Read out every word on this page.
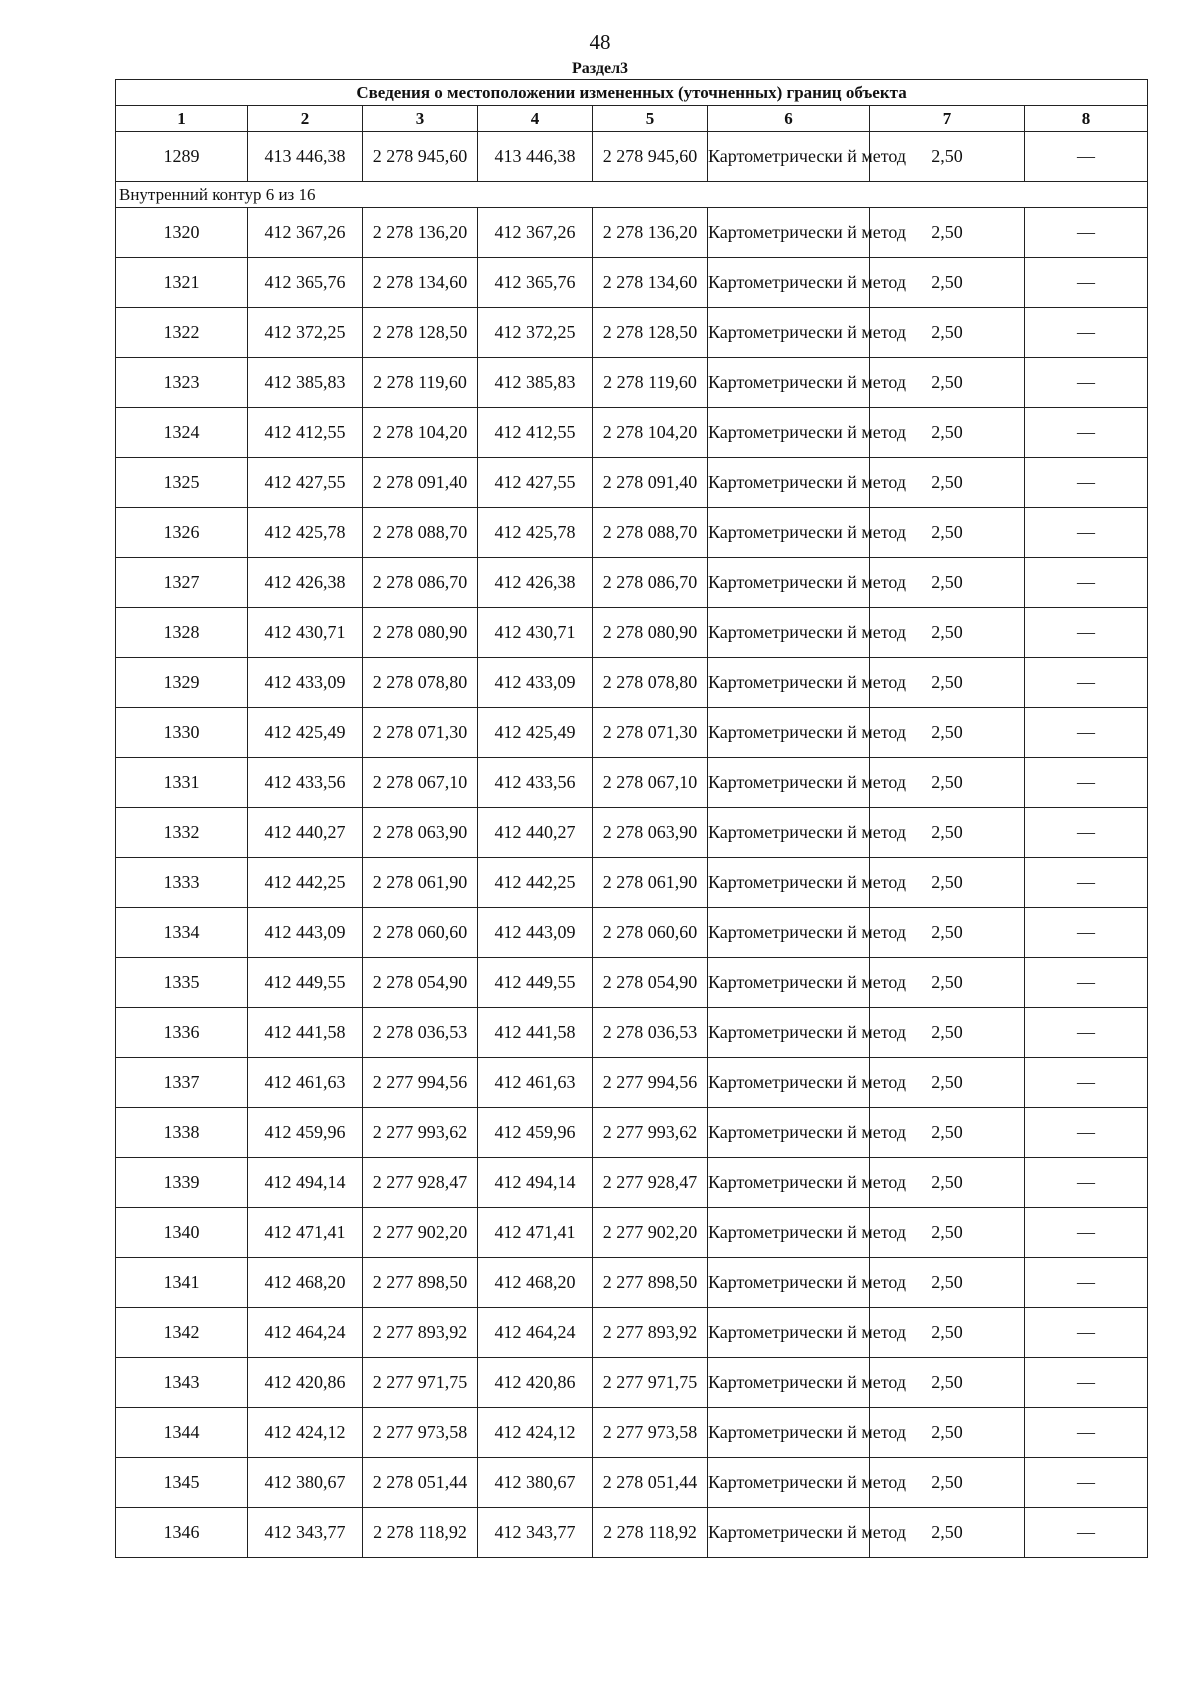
48
Раздел3
Сведения о местоположении измененных (уточненных) границ объекта							
1	2	3	4	5	6	7	8
1289	413 446,38	2 278 945,60	413 446,38	2 278 945,60	Картометрически й метод	2,50	—
Внутренний контур 6 из 16							
1320	412 367,26	2 278 136,20	412 367,26	2 278 136,20	Картометрически й метод	2,50	—
1321	412 365,76	2 278 134,60	412 365,76	2 278 134,60	Картометрически й метод	2,50	—
1322	412 372,25	2 278 128,50	412 372,25	2 278 128,50	Картометрически й метод	2,50	—
1323	412 385,83	2 278 119,60	412 385,83	2 278 119,60	Картометрически й метод	2,50	—
1324	412 412,55	2 278 104,20	412 412,55	2 278 104,20	Картометрически й метод	2,50	—
1325	412 427,55	2 278 091,40	412 427,55	2 278 091,40	Картометрически й метод	2,50	—
1326	412 425,78	2 278 088,70	412 425,78	2 278 088,70	Картометрически й метод	2,50	—
1327	412 426,38	2 278 086,70	412 426,38	2 278 086,70	Картометрически й метод	2,50	—
1328	412 430,71	2 278 080,90	412 430,71	2 278 080,90	Картометрически й метод	2,50	—
1329	412 433,09	2 278 078,80	412 433,09	2 278 078,80	Картометрически й метод	2,50	—
1330	412 425,49	2 278 071,30	412 425,49	2 278 071,30	Картометрически й метод	2,50	—
1331	412 433,56	2 278 067,10	412 433,56	2 278 067,10	Картометрически й метод	2,50	—
1332	412 440,27	2 278 063,90	412 440,27	2 278 063,90	Картометрически й метод	2,50	—
1333	412 442,25	2 278 061,90	412 442,25	2 278 061,90	Картометрически й метод	2,50	—
1334	412 443,09	2 278 060,60	412 443,09	2 278 060,60	Картометрически й метод	2,50	—
1335	412 449,55	2 278 054,90	412 449,55	2 278 054,90	Картометрически й метод	2,50	—
1336	412 441,58	2 278 036,53	412 441,58	2 278 036,53	Картометрически й метод	2,50	—
1337	412 461,63	2 277 994,56	412 461,63	2 277 994,56	Картометрически й метод	2,50	—
1338	412 459,96	2 277 993,62	412 459,96	2 277 993,62	Картометрически й метод	2,50	—
1339	412 494,14	2 277 928,47	412 494,14	2 277 928,47	Картометрически й метод	2,50	—
1340	412 471,41	2 277 902,20	412 471,41	2 277 902,20	Картометрически й метод	2,50	—
1341	412 468,20	2 277 898,50	412 468,20	2 277 898,50	Картометрически й метод	2,50	—
1342	412 464,24	2 277 893,92	412 464,24	2 277 893,92	Картометрически й метод	2,50	—
1343	412 420,86	2 277 971,75	412 420,86	2 277 971,75	Картометрически й метод	2,50	—
1344	412 424,12	2 277 973,58	412 424,12	2 277 973,58	Картометрически й метод	2,50	—
1345	412 380,67	2 278 051,44	412 380,67	2 278 051,44	Картометрически й метод	2,50	—
1346	412 343,77	2 278 118,92	412 343,77	2 278 118,92	Картометрически й метод	2,50	—
